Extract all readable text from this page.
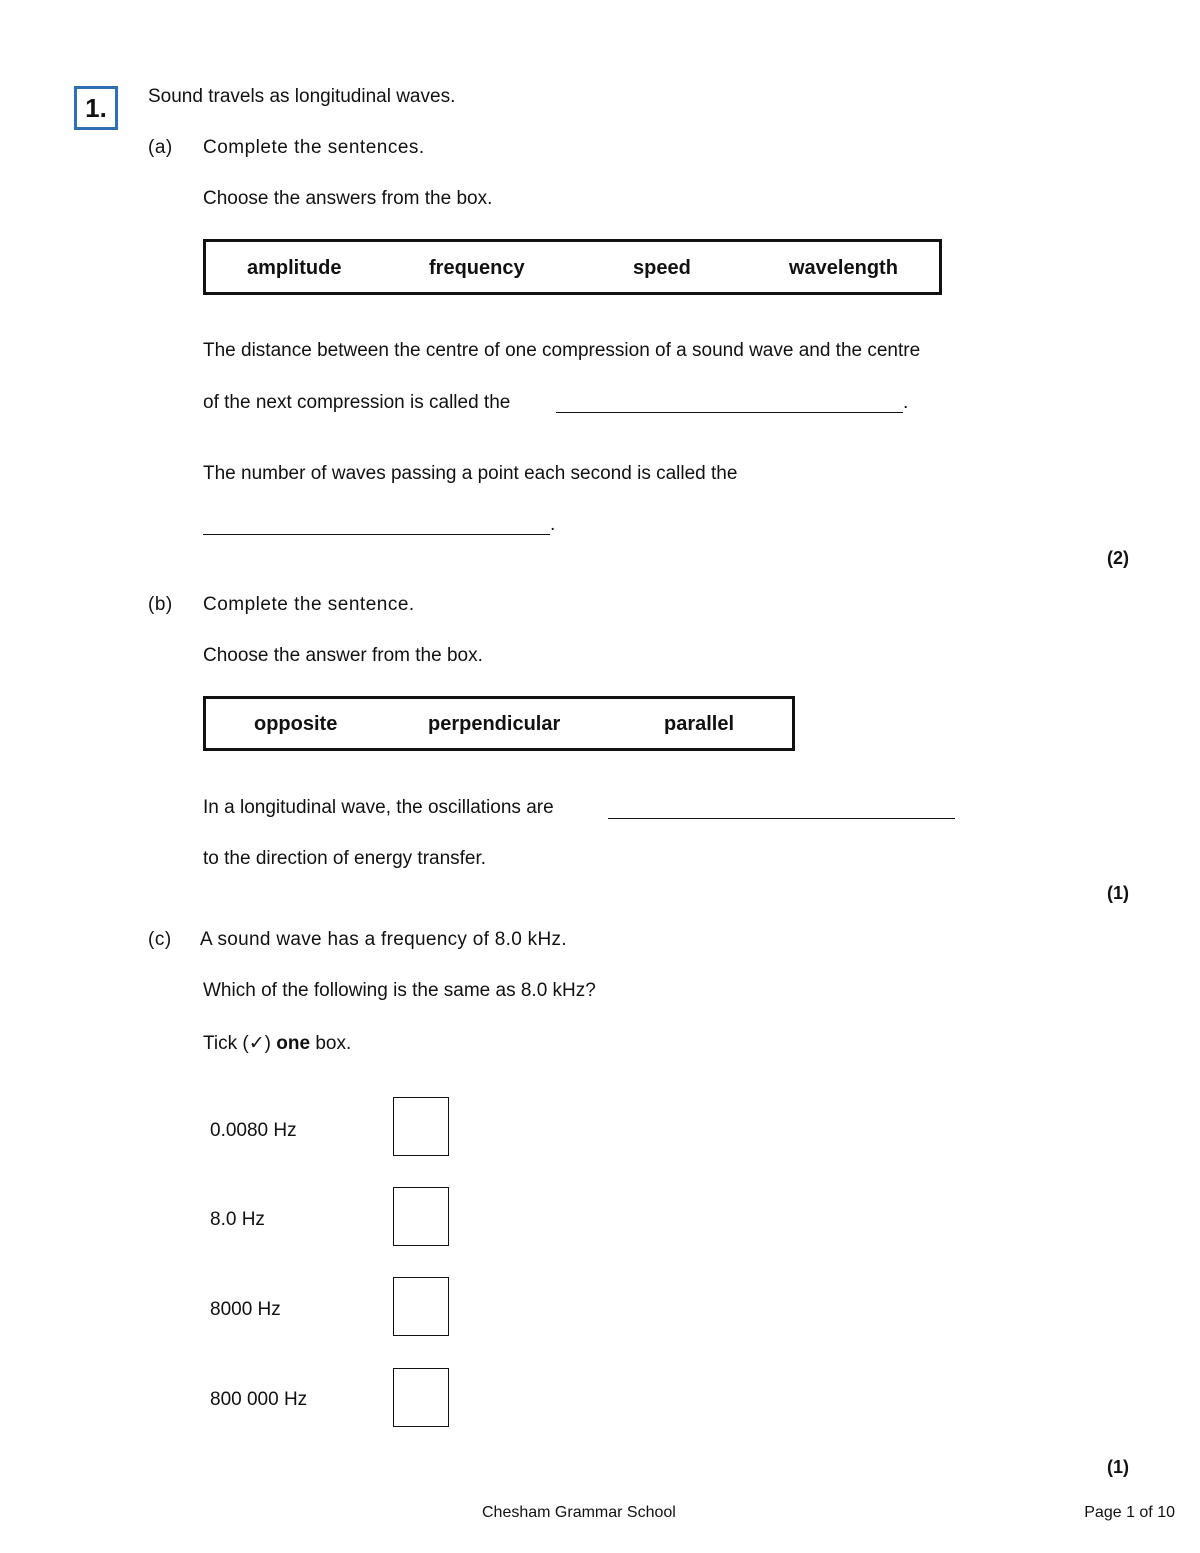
1.	Sound travels as longitudinal waves.
(a) Complete the sentences.
Choose the answers from the box.
amplitude	frequency	speed	wavelength
The distance between the centre of one compression of a sound wave and the centre
of the next compression is called the	.
The number of waves passing a point each second is called the
.
(2)
(b) Complete the sentence.
Choose the answer from the box.
opposite	perpendicular	parallel
In a longitudinal wave, the oscillations are
to the direction of energy transfer.
(1)
(c) A sound wave has a frequency of 8.0 kHz.
Which of the following is the same as 8.0 kHz?
Tick (✓) one box.
0.0080 Hz
8.0 Hz
8000 Hz
800 000 Hz
(1)
Chesham Grammar School	Page 1 of 10
